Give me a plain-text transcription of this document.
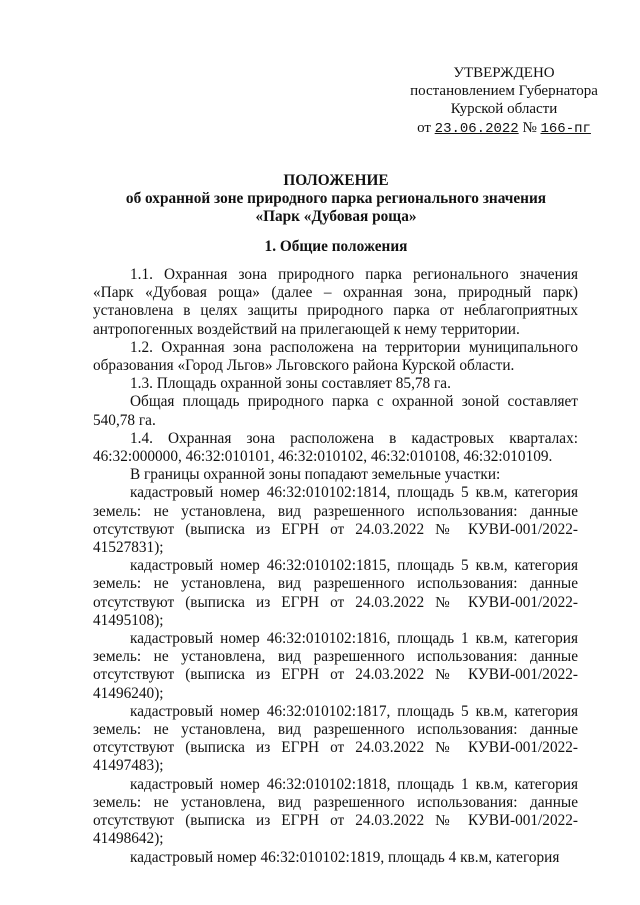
УТВЕРЖДЕНО
постановлением Губернатора
Курской области
от 23.06.2022 № 166-пг
ПОЛОЖЕНИЕ
об охранной зоне природного парка регионального значения
«Парк «Дубовая роща»
1. Общие положения

1.1. Охранная зона природного парка регионального значения «Парк «Дубовая роща» (далее – охранная зона, природный парк) установлена в целях защиты природного парка от неблагоприятных антропогенных воздействий на прилегающей к нему территории.

1.2. Охранная зона расположена на территории муниципального образования «Город Льгов» Льговского района Курской области.

1.3. Площадь охранной зоны составляет 85,78 га.

Общая площадь природного парка с охранной зоной составляет 540,78 га.

1.4. Охранная зона расположена в кадастровых кварталах: 46:32:000000, 46:32:010101, 46:32:010102, 46:32:010108, 46:32:010109.

В границы охранной зоны попадают земельные участки:

кадастровый номер 46:32:010102:1814, площадь 5 кв.м, категория земель: не установлена, вид разрешенного использования: данные отсутствуют (выписка из ЕГРН от 24.03.2022 № КУВИ-001/2022-41527831);

кадастровый номер 46:32:010102:1815, площадь 5 кв.м, категория земель: не установлена, вид разрешенного использования: данные отсутствуют (выписка из ЕГРН от 24.03.2022 № КУВИ-001/2022-41495108);

кадастровый номер 46:32:010102:1816, площадь 1 кв.м, категория земель: не установлена, вид разрешенного использования: данные отсутствуют (выписка из ЕГРН от 24.03.2022 № КУВИ-001/2022-41496240);

кадастровый номер 46:32:010102:1817, площадь 5 кв.м, категория земель: не установлена, вид разрешенного использования: данные отсутствуют (выписка из ЕГРН от 24.03.2022 № КУВИ-001/2022-41497483);

кадастровый номер 46:32:010102:1818, площадь 1 кв.м, категория земель: не установлена, вид разрешенного использования: данные отсутствуют (выписка из ЕГРН от 24.03.2022 № КУВИ-001/2022-41498642);

кадастровый номер 46:32:010102:1819, площадь 4 кв.м, категория
